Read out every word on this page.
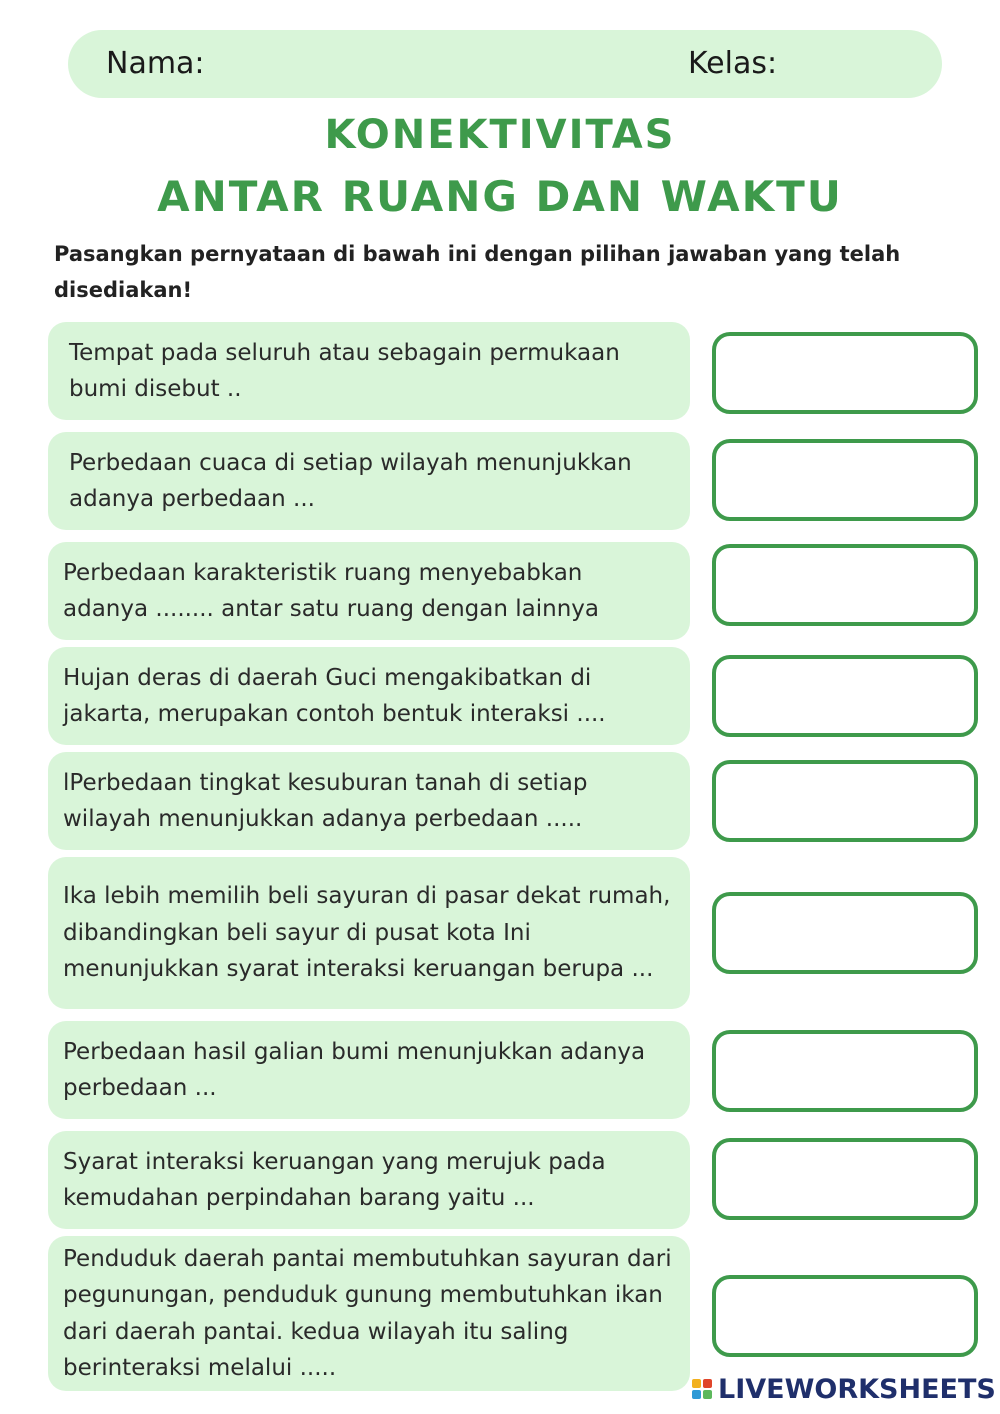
Nama:	Kelas:
KONEKTIVITAS
ANTAR RUANG DAN WAKTU
Pasangkan pernyataan di bawah ini dengan pilihan jawaban yang telah disediakan!
Tempat pada seluruh atau sebagain permukaan bumi disebut ..
Perbedaan cuaca di setiap wilayah menunjukkan adanya perbedaan ...
Perbedaan karakteristik ruang menyebabkan adanya ........ antar satu ruang dengan lainnya
Hujan deras di daerah Guci mengakibatkan di jakarta, merupakan contoh bentuk interaksi ....
lPerbedaan tingkat kesuburan tanah di setiap wilayah menunjukkan adanya perbedaan .....
Ika lebih memilih beli sayuran di pasar dekat rumah, dibandingkan beli sayur di pusat kota Ini menunjukkan syarat interaksi keruangan berupa ...
Perbedaan hasil galian bumi menunjukkan adanya perbedaan ...
Syarat interaksi keruangan yang merujuk pada kemudahan perpindahan barang yaitu ...
Penduduk daerah pantai membutuhkan sayuran dari pegunungan, penduduk gunung membutuhkan ikan dari daerah pantai. kedua wilayah itu saling berinteraksi melalui .....
LIVEWORKSHEETS
